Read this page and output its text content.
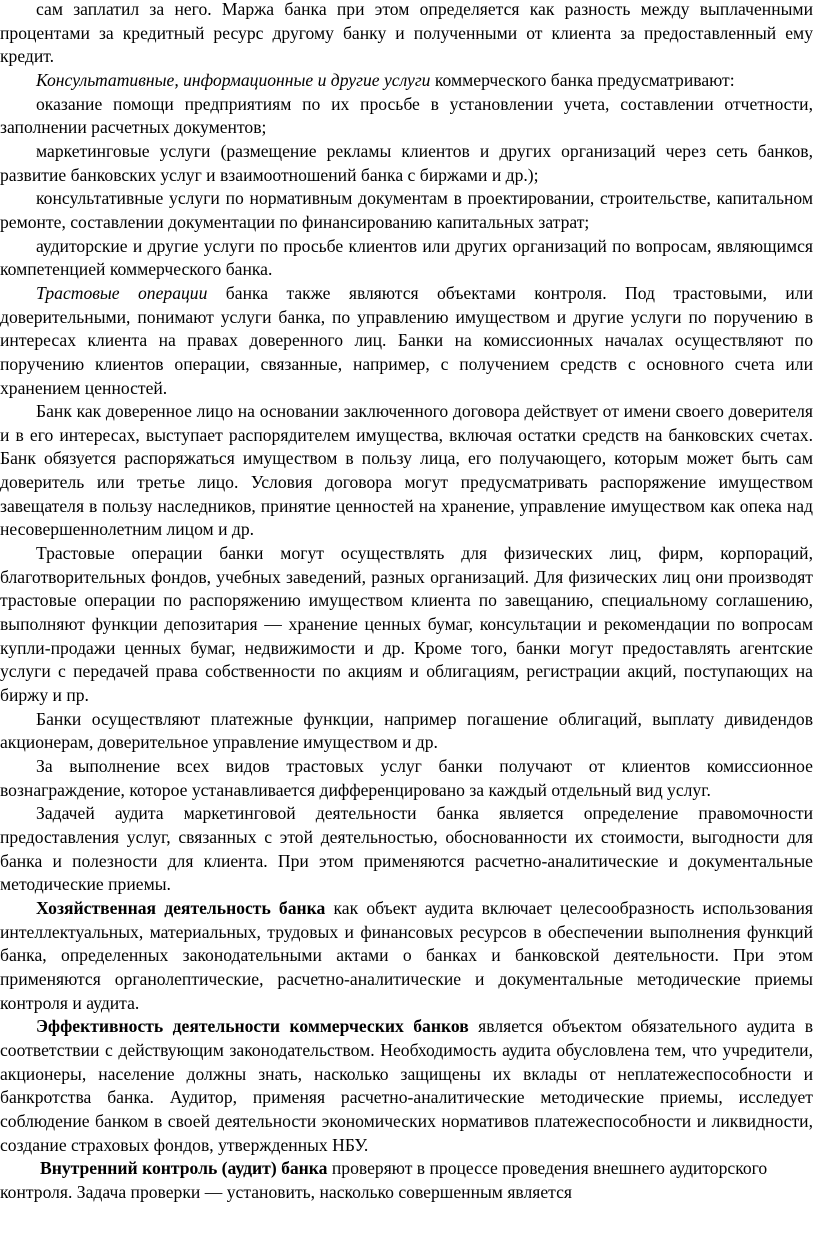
сам заплатил за него. Маржа банка при этом определяется как разность между выплаченными процентами за кредитный ресурс другому банку и полученными от клиента за предоставленный ему кредит.

Консультативные, информационные и другие услуги коммерческого банка предусматривают:

оказание помощи предприятиям по их просьбе в установлении учета, составлении отчетности, заполнении расчетных документов;

маркетинговые услуги (размещение рекламы клиентов и других организаций через сеть банков, развитие банковских услуг и взаимоотношений банка с биржами и др.);

консультативные услуги по нормативным документам в проектировании, строительстве, капитальном ремонте, составлении документации по финансированию капитальных затрат;

аудиторские и другие услуги по просьбе клиентов или других организаций по вопросам, являющимся компетенцией коммерческого банка.

Трастовые операции банка также являются объектами контроля. Под трастовыми, или доверительными, понимают услуги банка, по управлению имуществом и другие услуги по поручению в интересах клиента на правах доверенного лиц. Банки на комиссионных началах осуществляют по поручению клиентов операции, связанные, например, с получением средств с основного счета или хранением ценностей.

Банк как доверенное лицо на основании заключенного договора действует от имени своего доверителя и в его интересах, выступает распорядителем имущества, включая остатки средств на банковских счетах. Банк обязуется распоряжаться имуществом в пользу лица, его получающего, которым может быть сам доверитель или третье лицо. Условия договора могут предусматривать распоряжение имуществом завещателя в пользу наследников, принятие ценностей на хранение, управление имуществом как опека над несовершеннолетним лицом и др.

Трастовые операции банки могут осуществлять для физических лиц, фирм, корпораций, благотворительных фондов, учебных заведений, разных организаций. Для физических лиц они производят трастовые операции по распоряжению имуществом клиента по завещанию, специальному соглашению, выполняют функции депозитария — хранение ценных бумаг, консультации и рекомендации по вопросам купли-продажи ценных бумаг, недвижимости и др. Кроме того, банки могут предоставлять агентские услуги с передачей права собственности по акциям и облигациям, регистрации акций, поступающих на биржу и пр.

Банки осуществляют платежные функции, например погашение облигаций, выплату дивидендов акционерам, доверительное управление имуществом и др.

За выполнение всех видов трастовых услуг банки получают от клиентов комиссионное вознаграждение, которое устанавливается дифференцировано за каждый отдельный вид услуг.

Задачей аудита маркетинговой деятельности банка является определение правомочности предоставления услуг, связанных с этой деятельностью, обоснованности их стоимости, выгодности для банка и полезности для клиента. При этом применяются расчетно-аналитические и документальные методические приемы.

Хозяйственная деятельность банка как объект аудита включает целесообразность использования интеллектуальных, материальных, трудовых и финансовых ресурсов в обеспечении выполнения функций банка, определенных законодательными актами о банках и банковской деятельности. При этом применяются органолептические, расчетно-аналитические и документальные методические приемы контроля и аудита.

Эффективность деятельности коммерческих банков является объектом обязательного аудита в соответствии с действующим законодательством. Необходимость аудита обусловлена тем, что учредители, акционеры, население должны знать, насколько защищены их вклады от неплатежеспособности и банкротства банка. Аудитор, применяя расчетно-аналитические методические приемы, исследует соблюдение банком в своей деятельности экономических нормативов платежеспособности и ликвидности, создание страховых фондов, утвержденных НБУ.

Внутренний контроль (аудит) банка проверяют в процессе проведения внешнего аудиторского контроля. Задача проверки — установить, насколько совершенным является
